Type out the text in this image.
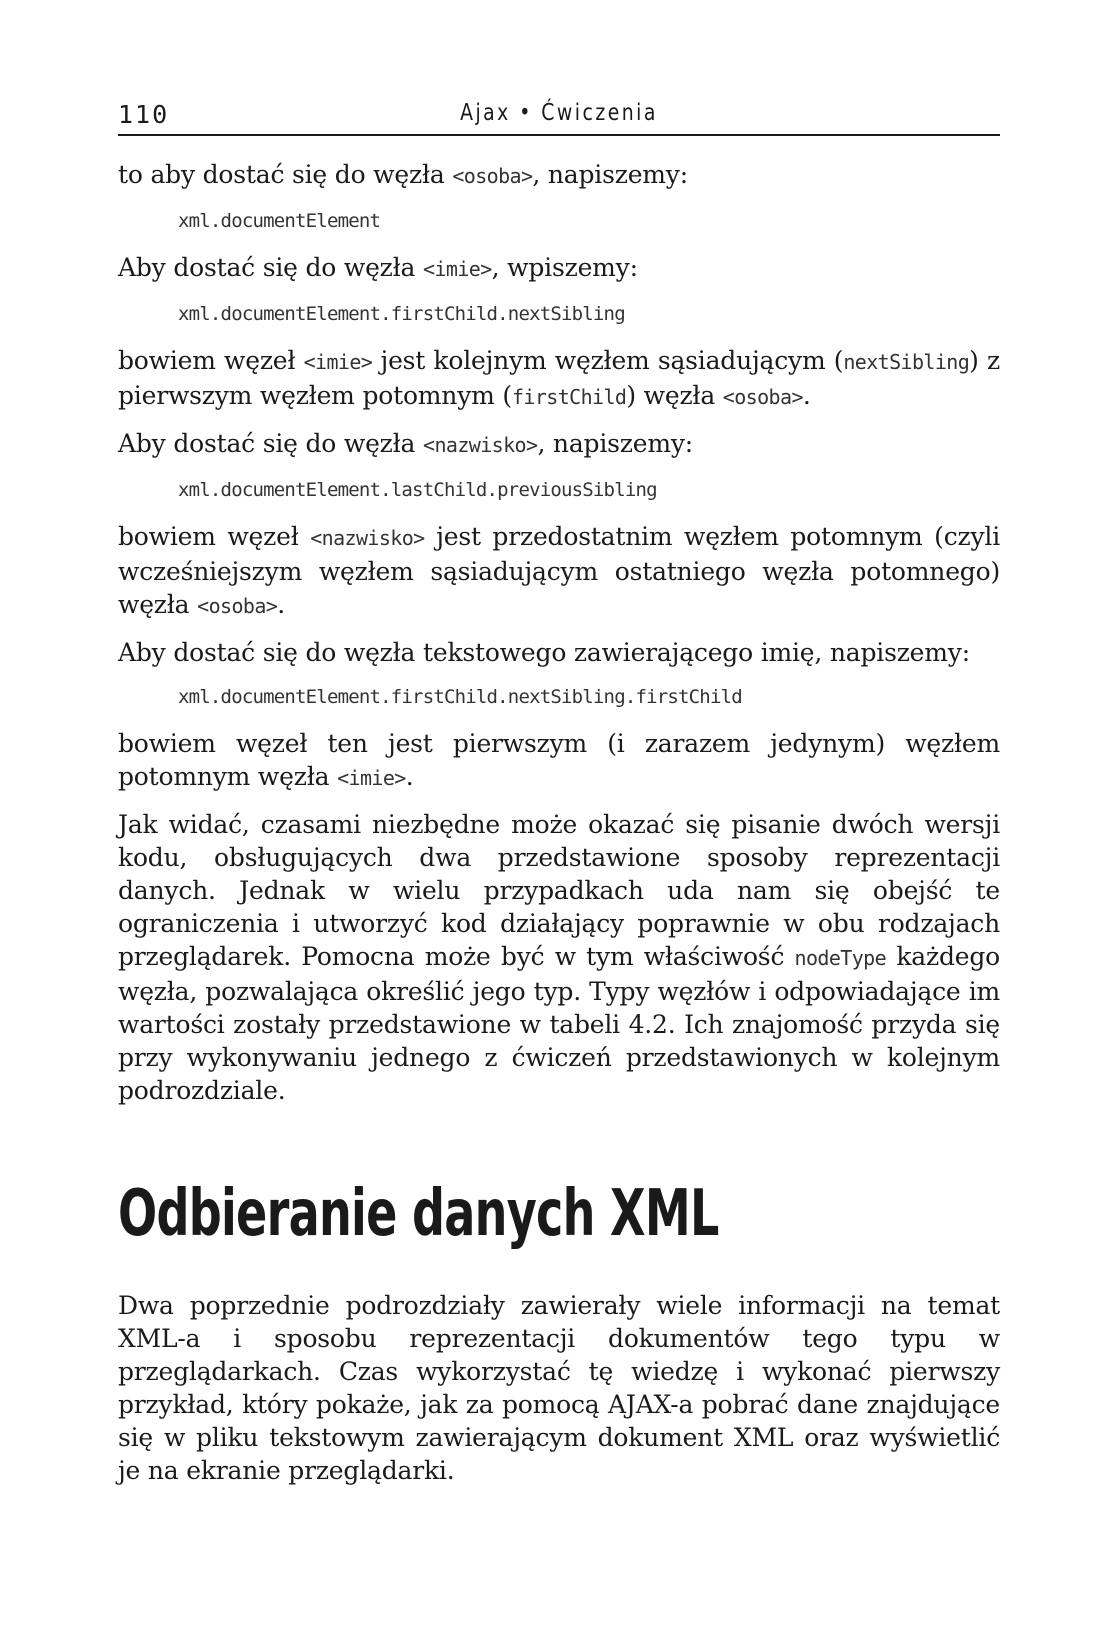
110	Ajax • Ćwiczenia

to aby dostać się do węzła <osoba>, napiszemy:

xml.documentElement

Aby dostać się do węzła <imie>, wpiszemy:

xml.documentElement.firstChild.nextSibling

bowiem węzeł <imie> jest kolejnym węzłem sąsiadującym (nextSibling) z pierwszym węzłem potomnym (firstChild) węzła <osoba>.

Aby dostać się do węzła <nazwisko>, napiszemy:

xml.documentElement.lastChild.previousSibling

bowiem węzeł <nazwisko> jest przedostatnim węzłem potomnym (czyli wcześniejszym węzłem sąsiadującym ostatniego węzła potomnego) węzła <osoba>.

Aby dostać się do węzła tekstowego zawierającego imię, napiszemy:

xml.documentElement.firstChild.nextSibling.firstChild

bowiem węzeł ten jest pierwszym (i zarazem jedynym) węzłem potomnym węzła <imie>.

Jak widać, czasami niezbędne może okazać się pisanie dwóch wersji kodu, obsługujących dwa przedstawione sposoby reprezentacji danych. Jednak w wielu przypadkach uda nam się obejść te ograniczenia i utworzyć kod działający poprawnie w obu rodzajach przeglądarek. Pomocna może być w tym właściwość nodeType każdego węzła, pozwalająca określić jego typ. Typy węzłów i odpowiadające im wartości zostały przedstawione w tabeli 4.2. Ich znajomość przyda się przy wykonywaniu jednego z ćwiczeń przedstawionych w kolejnym podrozdziale.

Odbieranie danych XML

Dwa poprzednie podrozdziały zawierały wiele informacji na temat XML-a i sposobu reprezentacji dokumentów tego typu w przeglądarkach. Czas wykorzystać tę wiedzę i wykonać pierwszy przykład, który pokaże, jak za pomocą AJAX-a pobrać dane znajdujące się w pliku tekstowym zawierającym dokument XML oraz wyświetlić je na ekranie przeglądarki.
